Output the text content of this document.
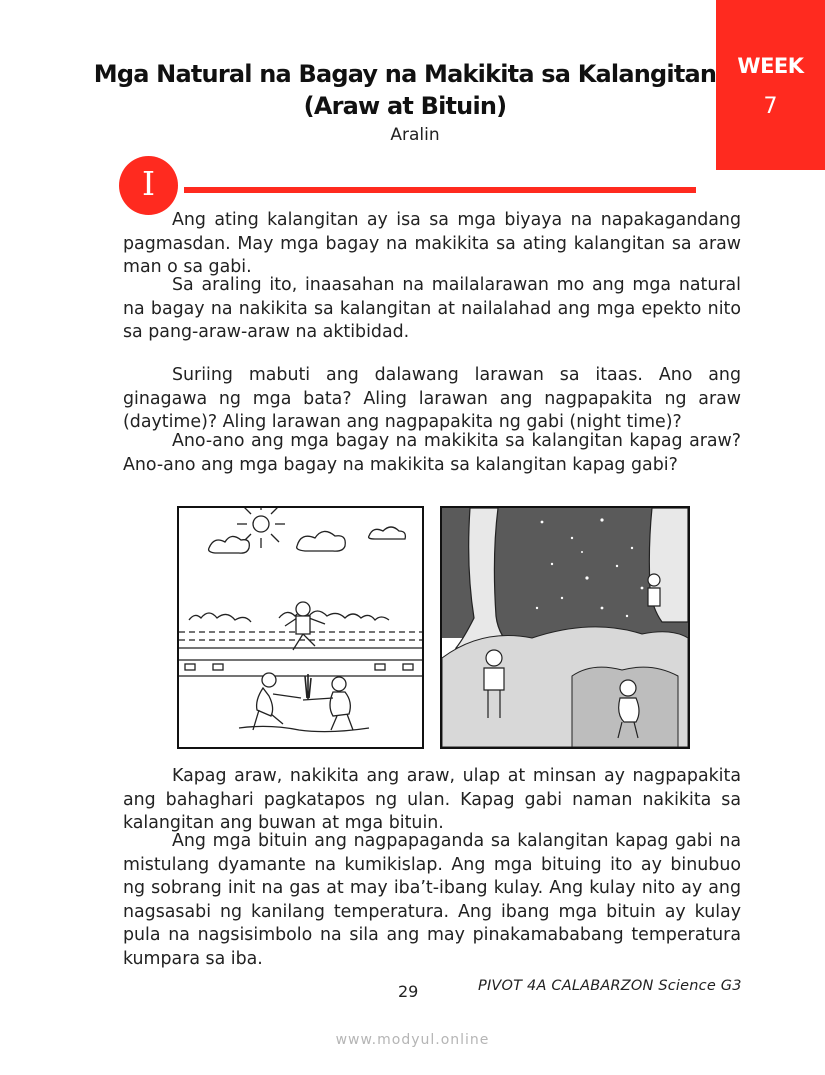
WEEK
7
Mga Natural na Bagay na Makikita sa Kalangitan
(Araw at Bituin)
Aralin
I

Ang ating kalangitan ay isa sa mga biyaya na napakagandang pagmasdan. May mga bagay na makikita sa ating kalangitan sa araw man o sa gabi.

Sa araling ito, inaasahan na mailalarawan mo ang mga natural na bagay na nakikita sa kalangitan at nailalahad ang mga epekto nito sa pang-araw-araw na aktibidad.

Suriing mabuti ang dalawang larawan sa itaas. Ano ang ginagawa ng mga bata? Aling larawan ang nagpapakita ng araw (daytime)? Aling larawan ang nagpapakita ng gabi (night time)?

Ano-ano ang mga bagay na makikita sa kalangitan kapag araw? Ano-ano ang mga bagay na makikita sa kalangitan kapag gabi?

Kapag araw, nakikita ang araw, ulap at minsan ay nagpapakita ang bahaghari pagkatapos ng ulan. Kapag gabi naman nakikita sa kalangitan ang buwan at mga bituin.

Ang mga bituin ang nagpapaganda sa kalangitan kapag gabi na mistulang dyamante na kumikislap. Ang mga bituing ito ay binubuo ng sobrang init na gas at may iba’t-ibang kulay. Ang kulay nito ay ang nagsasabi ng kanilang temperatura. Ang ibang mga bituin ay kulay pula na nagsisimbolo na sila ang may pinakamababang temperatura kumpara sa iba.

29	PIVOT 4A CALABARZON Science G3
www.modyul.online
